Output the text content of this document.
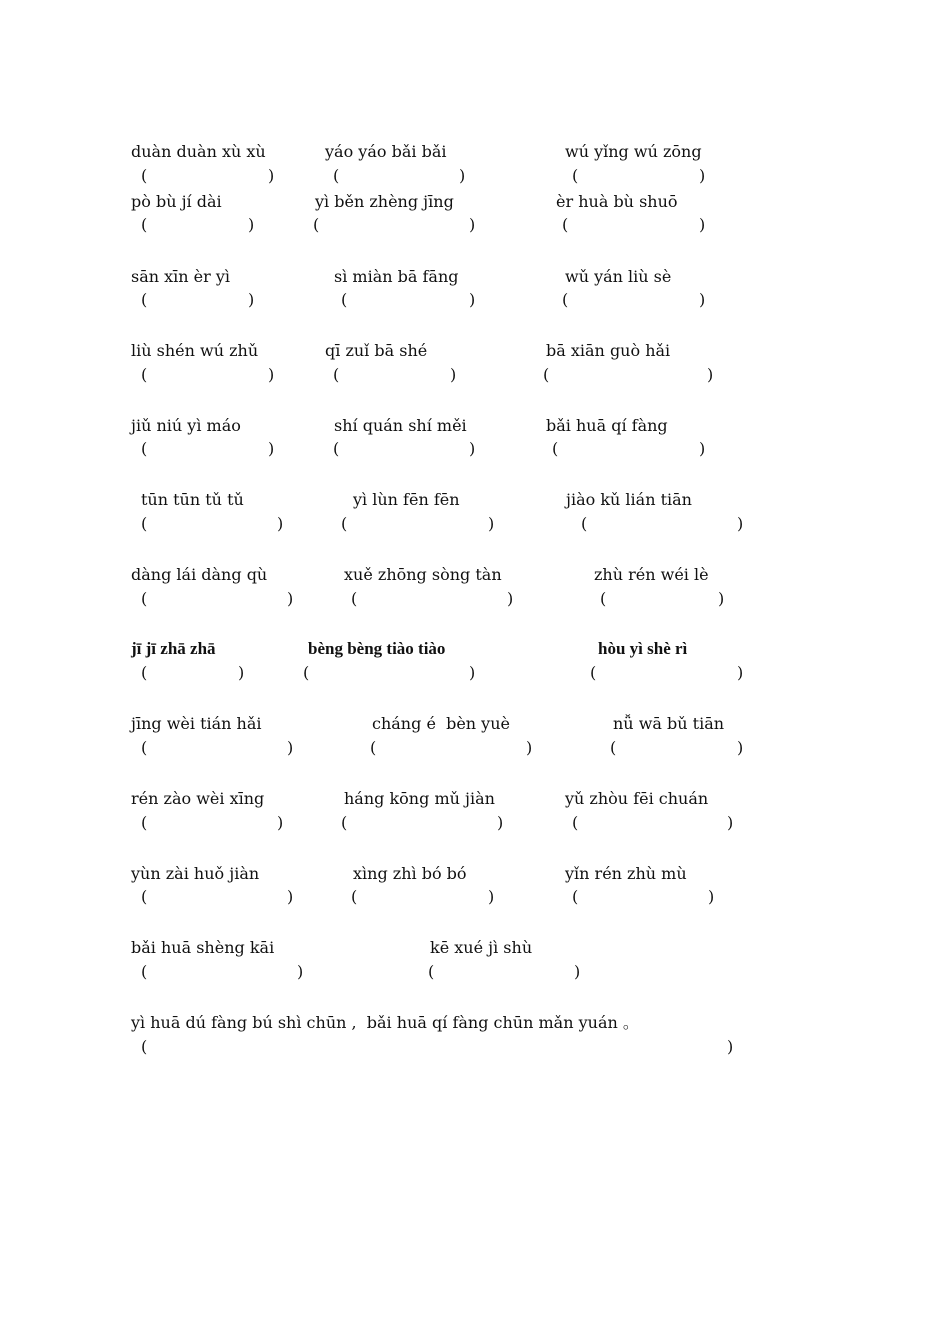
duàn duàn xù xù	yáo yáo bǎi bǎi	wú yǐng wú zōng
(	)	(	)	(	)
pò bù jí dài	yì běn zhèng jīng	èr huà bù shuō
(	)	(	)	(	)
sān xīn èr yì	sì miàn bā fāng	wǔ yán liù sè
(	)	(	)	(	)
liù shén wú zhǔ	qī zuǐ bā shé	bā xiān guò hǎi
(	)	(	)	(	)
jiǔ niú yì máo	shí quán shí měi	bǎi huā qí fàng
(	)	(	)	(	)
tūn tūn tǔ tǔ	yì lùn fēn fēn	jiào kǔ lián tiān
(	)	(	)	(	)
dàng lái dàng qù	xuě zhōng sòng tàn	zhù rén wéi lè
(	)	(	)	(	)
jī jī zhā zhā	bèng bèng tiào tiào	hòu yì shè rì
(	)	(	)	(	)
jīng wèi tián hǎi	cháng é  bèn yuè	nǚ wā bǔ tiān
(	)	(	)	(	)
rén zào wèi xīng	háng kōng mǔ jiàn	yǔ zhòu fēi chuán
(	)	(	)	(	)
yùn zài huǒ jiàn	xìng zhì bó bó	yǐn rén zhù mù
(	)	(	)	(	)
bǎi huā shèng kāi	kē xué jì shù
(	)	(	)
yì huā dú fàng bú shì chūn ,  bǎi huā qí fàng chūn mǎn yuán 。
(	)
